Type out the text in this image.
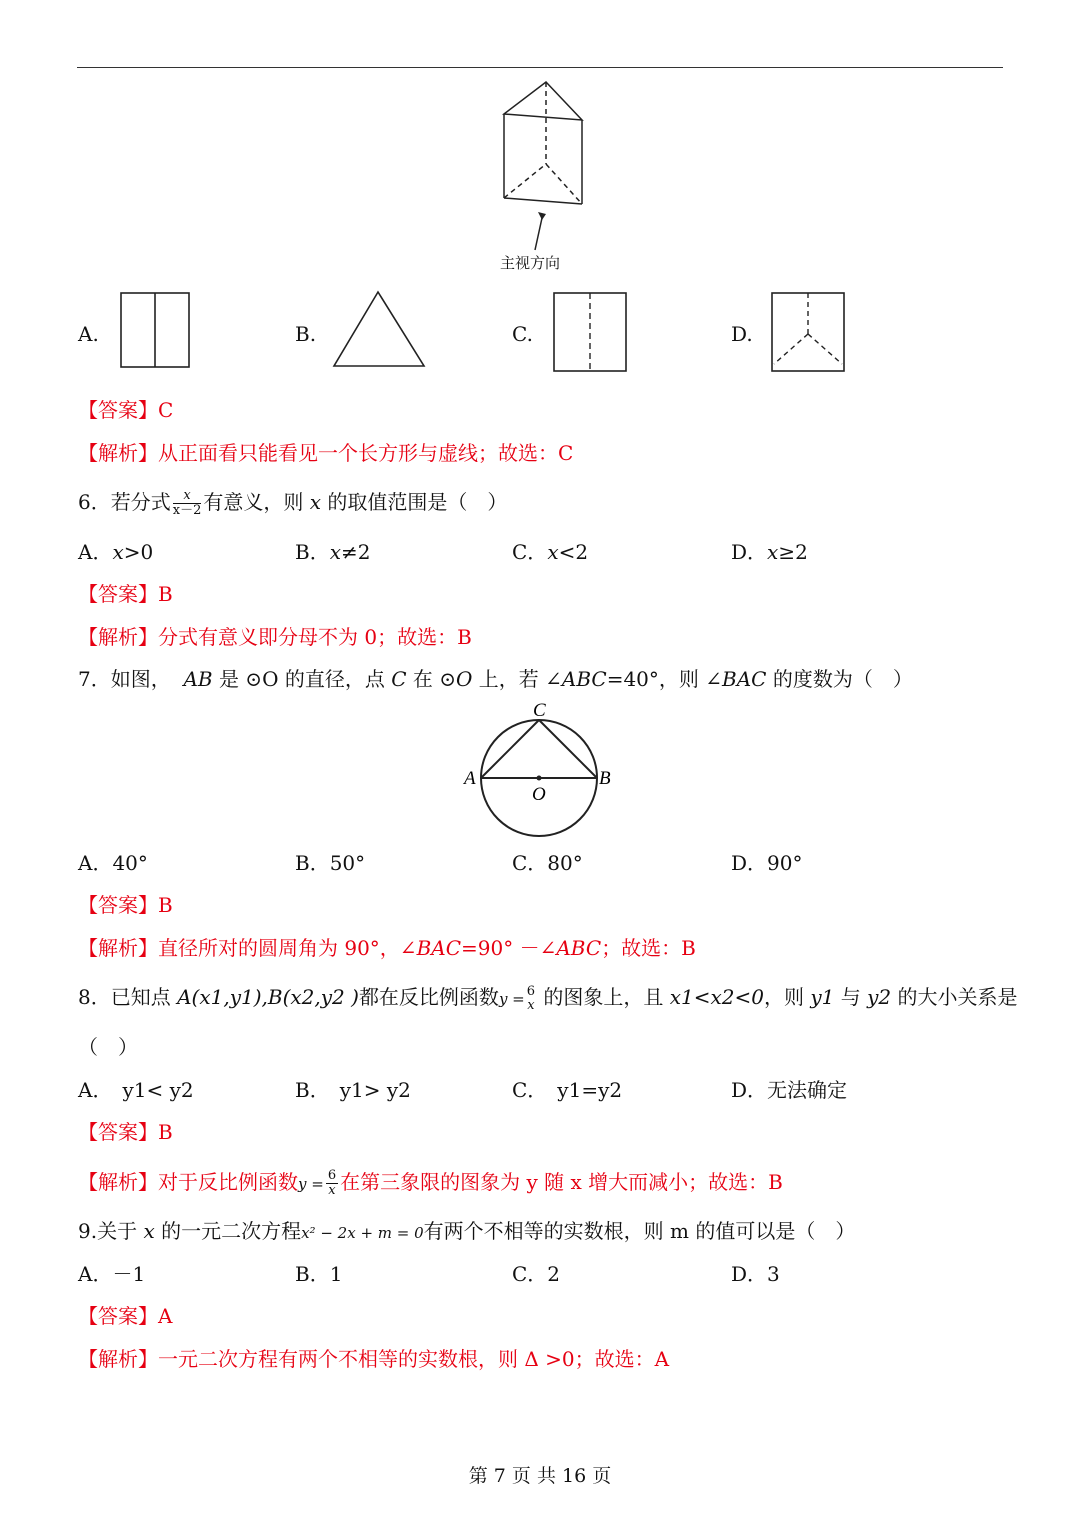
主视方向
A.	B.	C.	D.
【答案】C
【解析】从正面看只能看见一个长方形与虚线；故选：C
6．若分式 $\frac{x}{x-2}$ 有意义，则 x 的取值范围是（　）
A．x>0	B．x≠2	C．x<2	D．x≥2
【答案】B
【解析】分式有意义即分母不为 0；故选：B
7．如图， AB 是 ⊙O 的直径，点 C 在 ⊙O 上，若 ∠ABC=40°，则 ∠BAC 的度数为（　）
C
A	B
O
A．40°	B．50°	C．80°	D．90°
【答案】B
【解析】直径所对的圆周角为 90°，∠BAC=90° －∠ABC；故选：B
8．已知点 A(x1,y1),B(x2,y2 )都在反比例函数y = 6
x 的图象上，且 x1<x2<0，则 y1 与 y2 的大小关系是
（　）
A．　y1< y2	B．　y1> y2	C．　y1=y2	D．无法确定
【答案】B
【解析】对于反比例函数$y = \frac{6}{x}$ 在第三象限的图象为 y 随 x 增大而减小；故选：B
9.关于 x 的一元二次方程x² − 2x + m = 0有两个不相等的实数根，则 m 的值可以是（　）
A．－1	B．1	C．2	D．3
【答案】A
【解析】一元二次方程有两个不相等的实数根，则 Δ >0；故选：A
第 7 页 共 16 页
